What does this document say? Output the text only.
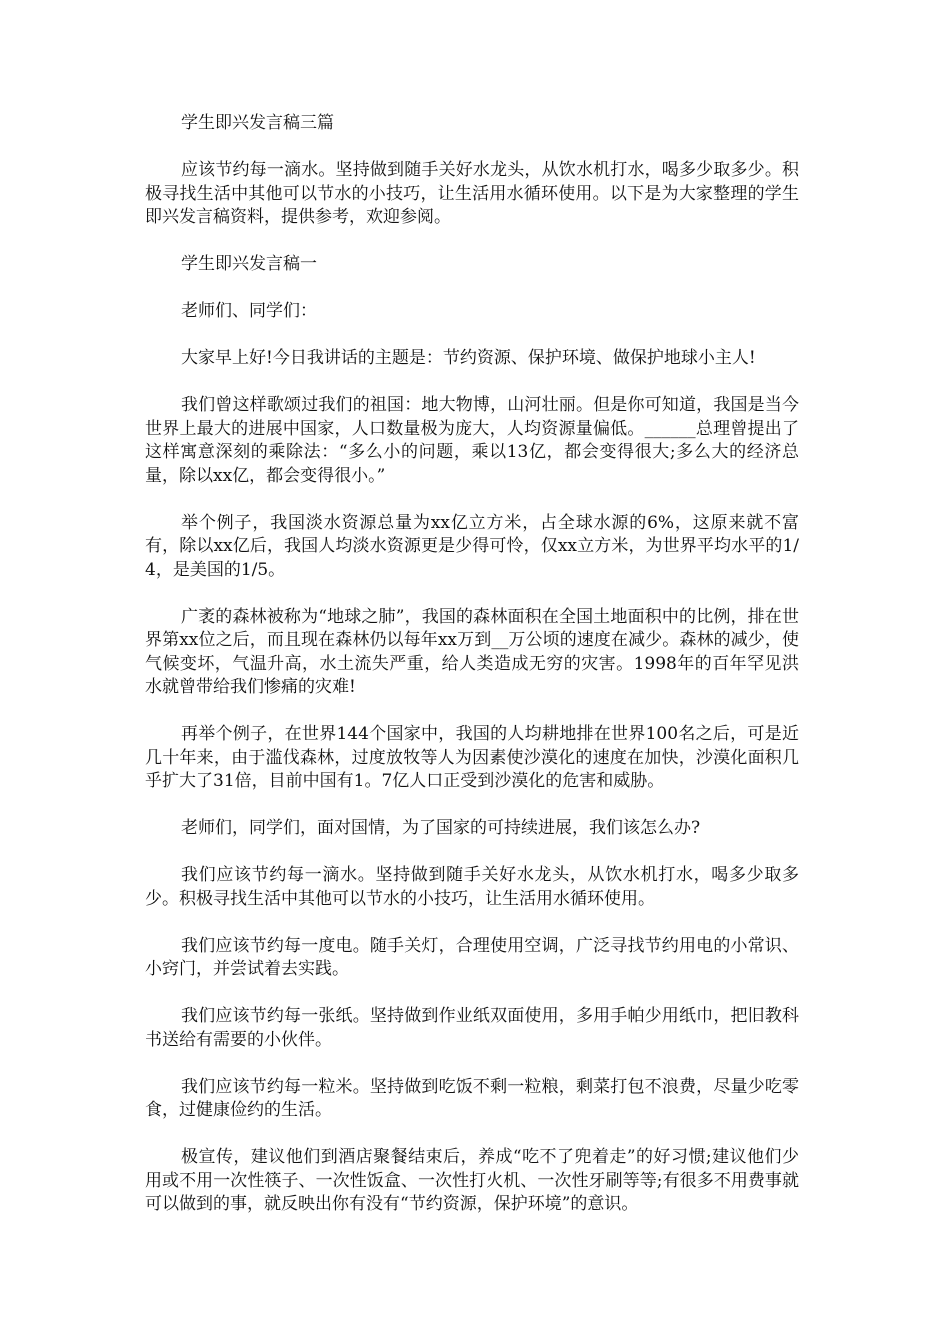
学生即兴发言稿三篇

应该节约每一滴水。坚持做到随手关好水龙头，从饮水机打水，喝多少取多少。积极寻找生活中其他可以节水的小技巧，让生活用水循环使用。以下是为大家整理的学生即兴发言稿资料，提供参考，欢迎参阅。

学生即兴发言稿一

老师们、同学们：

大家早上好!今日我讲话的主题是：节约资源、保护环境、做保护地球小主人!

我们曾这样歌颂过我们的祖国：地大物博，山河壮丽。但是你可知道，我国是当今世界上最大的进展中国家，人口数量极为庞大，人均资源量偏低。______总理曾提出了这样寓意深刻的乘除法：“多么小的问题，乘以13亿，都会变得很大;多么大的经济总量，除以xx亿，都会变得很小。”

举个例子，我国淡水资源总量为xx亿立方米，占全球水源的6%，这原来就不富有，除以xx亿后，我国人均淡水资源更是少得可怜，仅xx立方米，为世界平均水平的1/4，是美国的1/5。

广袤的森林被称为“地球之肺”，我国的森林面积在全国土地面积中的比例，排在世界第xx位之后，而且现在森林仍以每年xx万到__万公顷的速度在减少。森林的减少，使气候变坏，气温升高，水土流失严重，给人类造成无穷的灾害。1998年的百年罕见洪水就曾带给我们惨痛的灾难!

再举个例子，在世界144个国家中，我国的人均耕地排在世界100名之后，可是近几十年来，由于滥伐森林，过度放牧等人为因素使沙漠化的速度在加快，沙漠化面积几乎扩大了31倍，目前中国有1。7亿人口正受到沙漠化的危害和威胁。

老师们，同学们，面对国情，为了国家的可持续进展，我们该怎么办?

我们应该节约每一滴水。坚持做到随手关好水龙头，从饮水机打水，喝多少取多少。积极寻找生活中其他可以节水的小技巧，让生活用水循环使用。

我们应该节约每一度电。随手关灯，合理使用空调，广泛寻找节约用电的小常识、小窍门，并尝试着去实践。

我们应该节约每一张纸。坚持做到作业纸双面使用，多用手帕少用纸巾，把旧教科书送给有需要的小伙伴。

我们应该节约每一粒米。坚持做到吃饭不剩一粒粮，剩菜打包不浪费，尽量少吃零食，过健康俭约的生活。

极宣传，建议他们到酒店聚餐结束后，养成“吃不了兜着走”的好习惯;建议他们少用或不用一次性筷子、一次性饭盒、一次性打火机、一次性牙刷等等;有很多不用费事就可以做到的事，就反映出你有没有“节约资源，保护环境”的意识。
